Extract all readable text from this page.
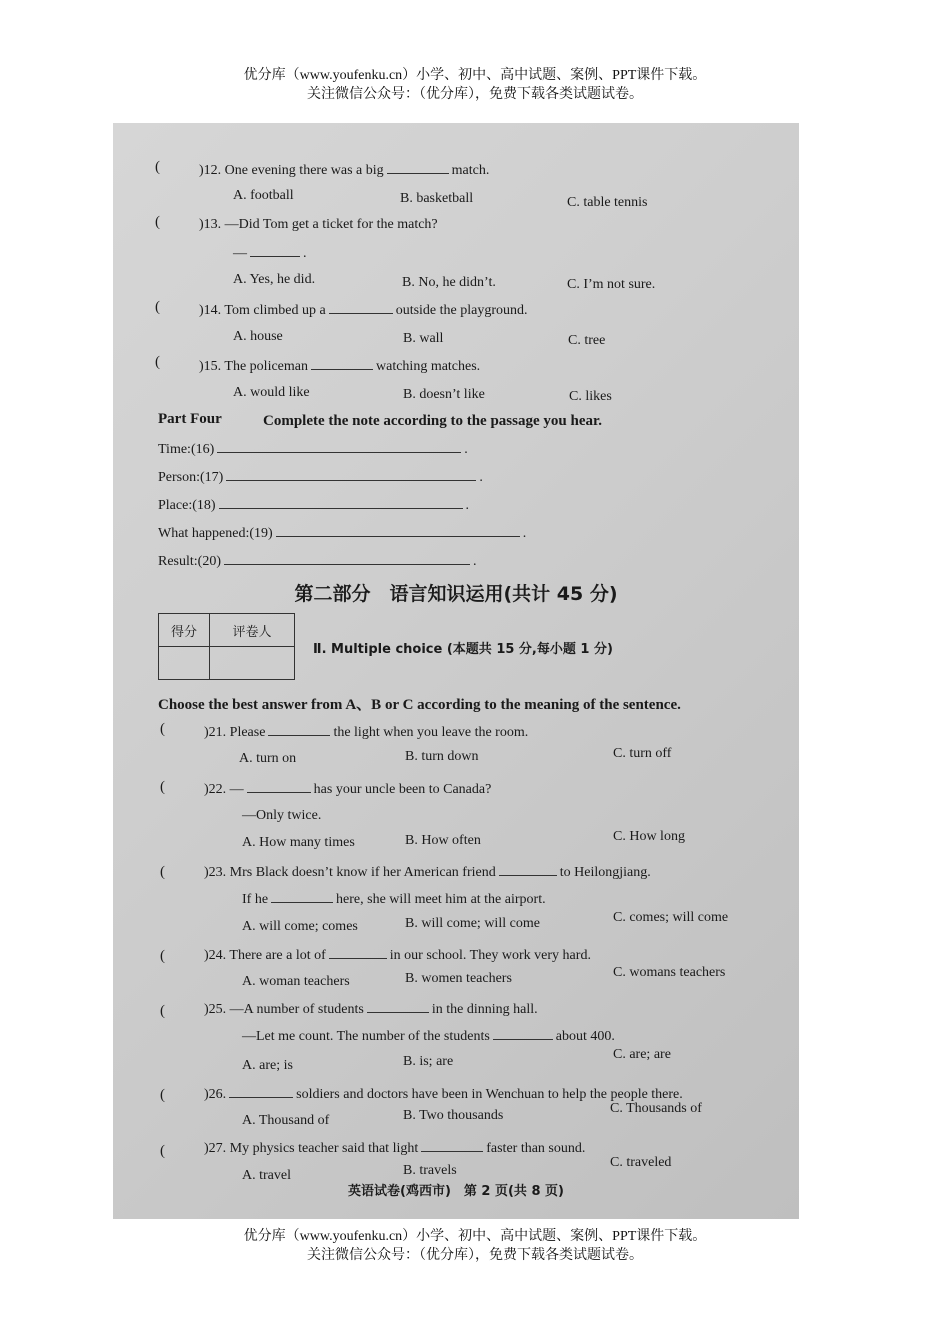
优分库（www.youfenku.cn）小学、初中、高中试题、案例、PPT课件下载。
关注微信公众号：（优分库），免费下载各类试题试卷。
(	)12. One evening there was a big	match.
A. football	B. basketball	C. table tennis
(	)13. —Did Tom get a ticket for the match?
—	.
A. Yes, he did.	B. No, he didn’t.	C. I’m not sure.
(	)14. Tom climbed up a	outside the playground.
A. house	B. wall	C. tree
(	)15. The policeman	watching matches.
A. would like	B. doesn’t like	C. likes
Part Four	Complete the note according to the passage you hear.
Time:(16)	.
Person:(17)	.
Place:(18)	.
What happened:(19)	.
Result:(20)	.
第二部分　语言知识运用(共计 45 分)
得分	评卷人

Ⅱ. Multiple choice (本题共 15 分,每小题 1 分)
Choose the best answer from A、B or C according to the meaning of the sentence.
(	)21. Please	the light when you leave the room.
A. turn on	B. turn down	C. turn off
(	)22. —	has your uncle been to Canada?
—Only twice.
A. How many times	B. How often	C. How long
(	)23. Mrs Black doesn’t know if her American friend	to Heilongjiang.
If he	here, she will meet him at the airport.
A. will come; comes	B. will come; will come	C. comes; will come
(	)24. There are a lot of	in our school. They work very hard.
A. woman teachers	B. women teachers	C. womans teachers
(	)25. —A number of students	in the dinning hall.
—Let me count. The number of the students	about 400.
A. are; is	B. is; are	C. are; are
(	)26.	soldiers and doctors have been in Wenchuan to help the people there.
A. Thousand of	B. Two thousands	C. Thousands of
(	)27. My physics teacher said that light	faster than sound.
A. travel	B. travels
C. traveled
英语试卷(鸡西市)　第 2 页(共 8 页)
优分库（www.youfenku.cn）小学、初中、高中试题、案例、PPT课件下载。
关注微信公众号：（优分库），免费下载各类试题试卷。
